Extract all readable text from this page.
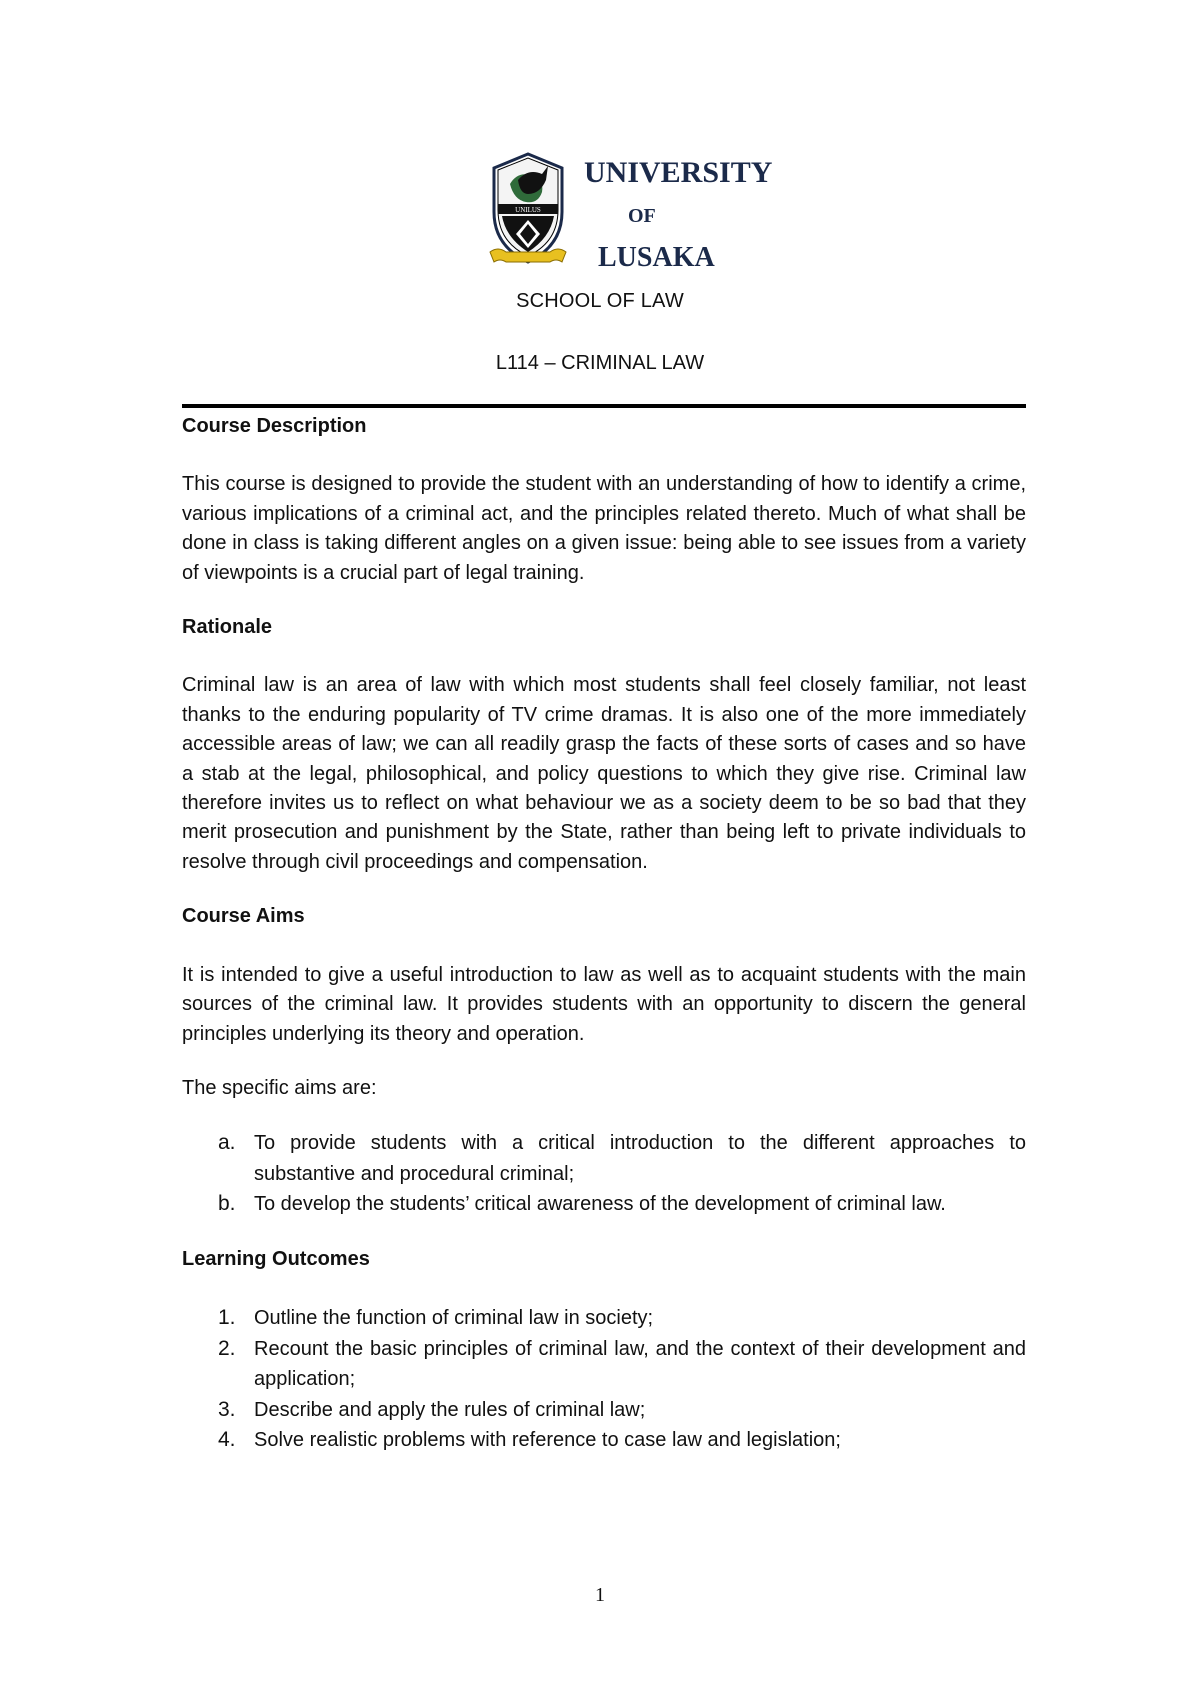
UNILUS
UNIVERSITY
OF
LUSAKA
SCHOOL OF LAW
L114 – CRIMINAL LAW
Course Description

This course is designed to provide the student with an understanding of how to identify a crime, various implications of a criminal act, and the principles related thereto. Much of what shall be done in class is taking different angles on a given issue: being able to see issues from a variety of viewpoints is a crucial part of legal training.

Rationale

Criminal law is an area of law with which most students shall feel closely familiar, not least thanks to the enduring popularity of TV crime dramas. It is also one of the more immediately accessible areas of law; we can all readily grasp the facts of these sorts of cases and so have a stab at the legal, philosophical, and policy questions to which they give rise. Criminal law therefore invites us to reflect on what behaviour we as a society deem to be so bad that they merit prosecution and punishment by the State, rather than being left to private individuals to resolve through civil proceedings and compensation.

Course Aims

It is intended to give a useful introduction to law as well as to acquaint students with the main sources of the criminal law. It provides students with an opportunity to discern the general principles underlying its theory and operation.

The specific aims are:

a. To provide students with a critical introduction to the different approaches to substantive and procedural criminal;
b. To develop the students’ critical awareness of the development of criminal law.
Learning Outcomes
1. Outline the function of criminal law in society;
2. Recount the basic principles of criminal law, and the context of their development and application;
3. Describe and apply the rules of criminal law;
4. Solve realistic problems with reference to case law and legislation;
1
